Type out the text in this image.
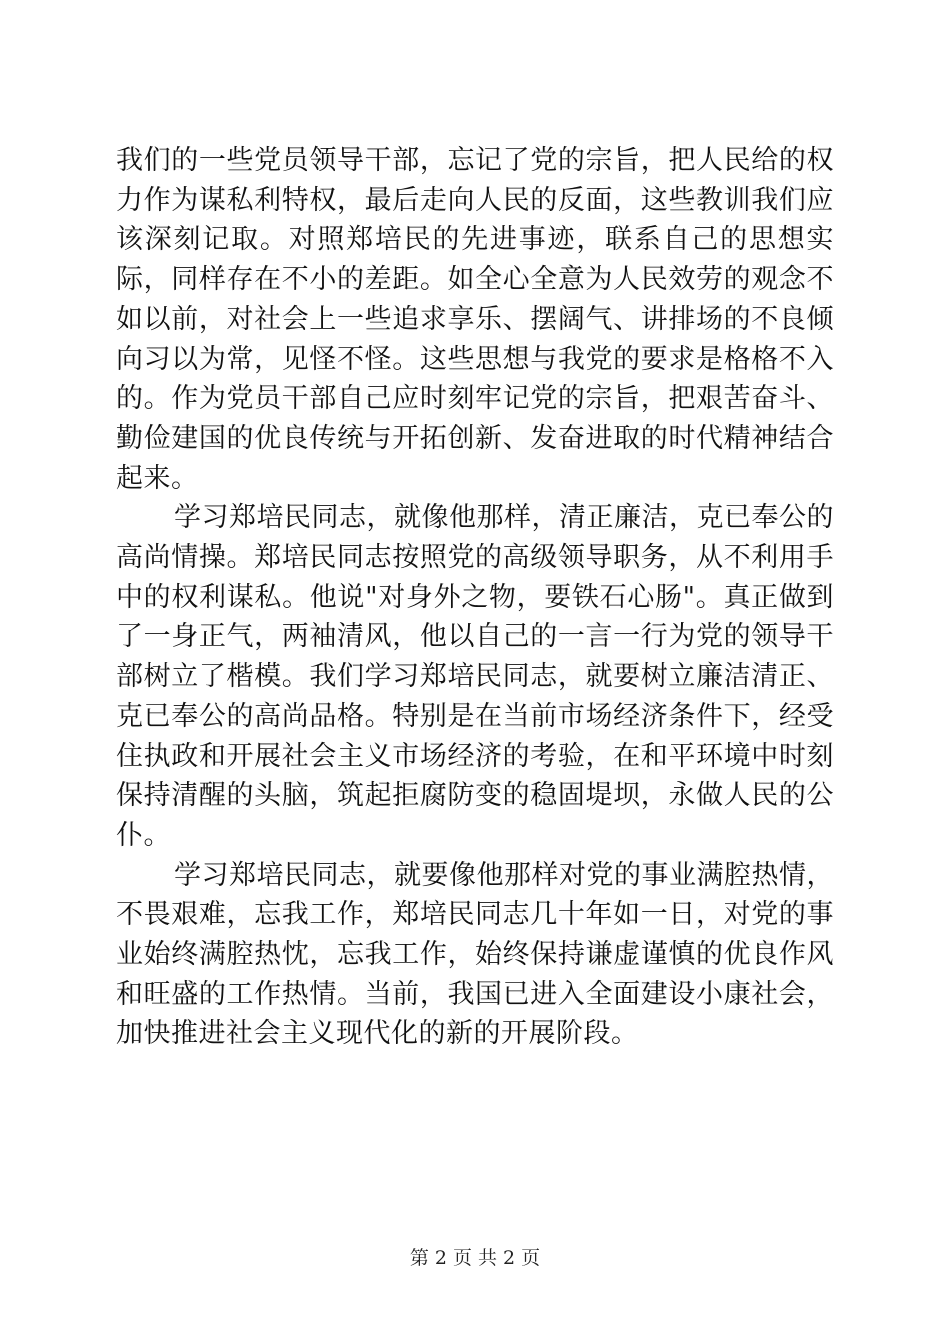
我们的一些党员领导干部，忘记了党的宗旨，把人民给的权力作为谋私利特权，最后走向人民的反面，这些教训我们应该深刻记取。对照郑培民的先进事迹，联系自己的思想实际，同样存在不小的差距。如全心全意为人民效劳的观念不如以前，对社会上一些追求享乐、摆阔气、讲排场的不良倾向习以为常，见怪不怪。这些思想与我党的要求是格格不入的。作为党员干部自己应时刻牢记党的宗旨，把艰苦奋斗、勤俭建国的优良传统与开拓创新、发奋进取的时代精神结合起来。

学习郑培民同志，就像他那样，清正廉洁，克已奉公的高尚情操。郑培民同志按照党的高级领导职务，从不利用手中的权利谋私。他说"对身外之物，要铁石心肠"。真正做到了一身正气，两袖清风，他以自己的一言一行为党的领导干部树立了楷模。我们学习郑培民同志，就要树立廉洁清正、克已奉公的高尚品格。特别是在当前市场经济条件下，经受住执政和开展社会主义市场经济的考验，在和平环境中时刻保持清醒的头脑，筑起拒腐防变的稳固堤坝，永做人民的公仆。

学习郑培民同志，就要像他那样对党的事业满腔热情，不畏艰难，忘我工作，郑培民同志几十年如一日，对党的事业始终满腔热忱，忘我工作，始终保持谦虚谨慎的优良作风和旺盛的工作热情。当前，我国已进入全面建设小康社会，加快推进社会主义现代化的新的开展阶段。

第 2 页 共 2 页
